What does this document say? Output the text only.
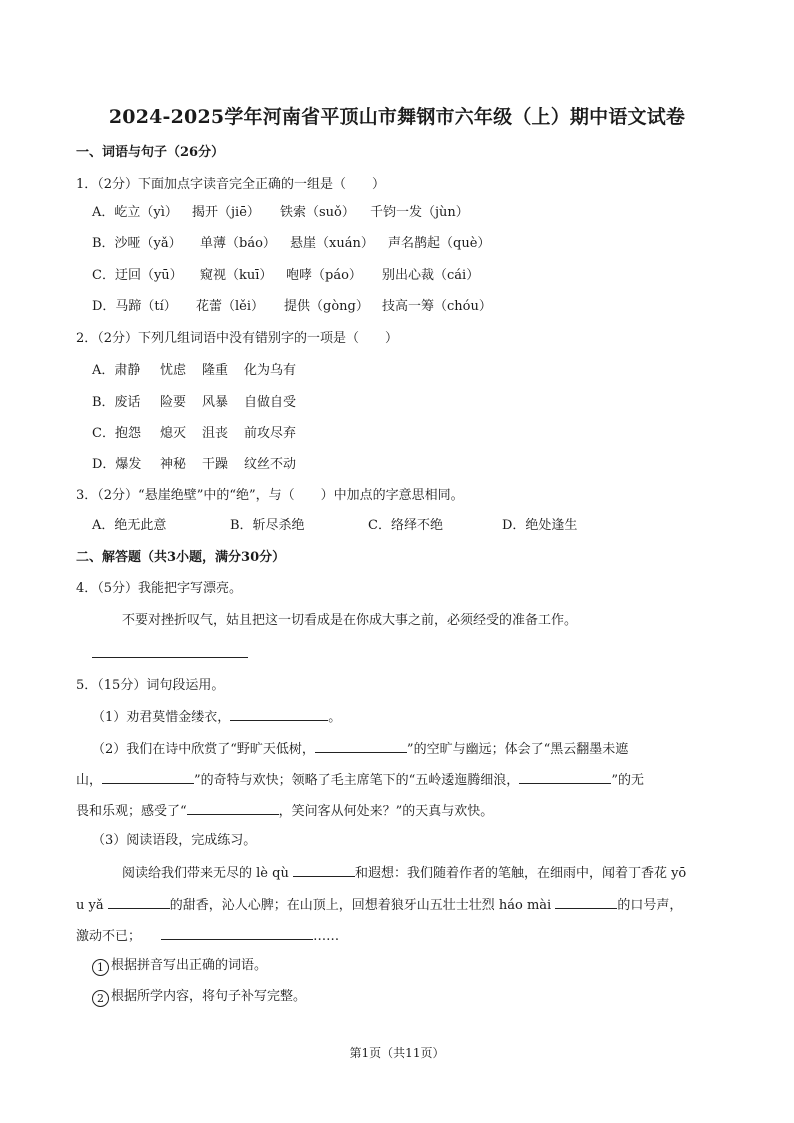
2024-2025学年河南省平顶山市舞钢市六年级（上）期中语文试卷
一、词语与句子（26分）
1．（2分）下面加点字读音完全正确的一组是（　　）
A．屹立（yì） 揭开（jiē） 铁索（suǒ） 千钧一发（jùn）
B．沙哑（yǎ） 单薄（báo） 悬崖（xuán） 声名鹊起（què）
C．迂回（yū） 窥视（kuī） 咆哮（páo） 别出心裁（cái）
D．马蹄（tí） 花蕾（lěi） 提供（gòng） 技高一筹（chóu）
2．（2分）下列几组词语中没有错别字的一项是（　　）
A．肃静 忧虑 隆重 化为乌有
B．废话 险要 风暴 自做自受
C．抱怨 熄灭 沮丧 前攻尽弃
D．爆发 神秘 干躁 纹丝不动
3．（2分）“悬崖绝壁”中的“绝”，与（　　）中加点的字意思相同。
A．绝无此意	B．斩尽杀绝	C．络绎不绝	D．绝处逢生
二、解答题（共3小题，满分30分）
4．（5分）我能把字写漂亮。
不要对挫折叹气，姑且把这一切看成是在你成大事之前，必须经受的准备工作。
5．（15分）词句段运用。
（1）劝君莫惜金缕衣，	。
（2）我们在诗中欣赏了“野旷天低树，	”的空旷与幽远；体会了“黑云翻墨未遮
山，	”的奇特与欢快；领略了毛主席笔下的“五岭逶迤腾细浪，	”的无
畏和乐观；感受了“	，笑问客从何处来？”的天真与欢快。
（3）阅读语段，完成练习。
阅读给我们带来无尽的 lè qù	和遐想：我们随着作者的笔触，在细雨中，闻着丁香花 yō
u yǎ	的甜香，沁人心脾；在山顶上，回想着狼牙山五壮士壮烈 háo mài	的口号声，
激动不已；	……
1 根据拼音写出正确的词语。
2 根据所学内容，将句子补写完整。
第1页（共11页）
